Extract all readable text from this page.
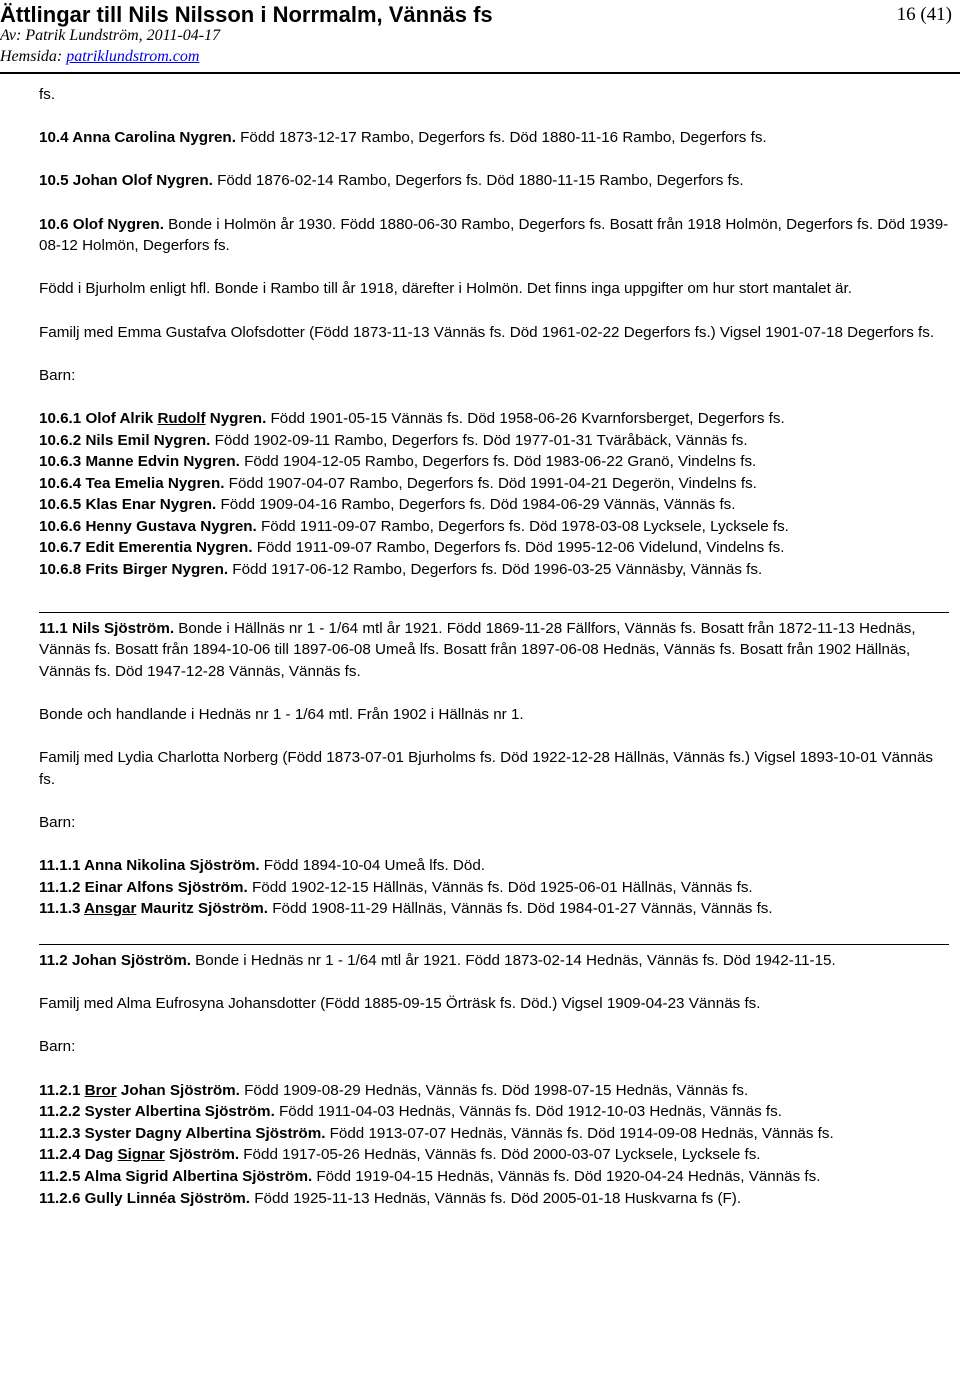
Ättlingar till Nils Nilsson i Norrmalm, Vännäs fs	16 (41)
Av: Patrik Lundström, 2011-04-17
Hemsida: patriklundstrom.com

fs.

10.4 Anna Carolina Nygren. Född 1873-12-17 Rambo, Degerfors fs. Död 1880-11-16 Rambo, Degerfors fs.

10.5 Johan Olof Nygren. Född 1876-02-14 Rambo, Degerfors fs. Död 1880-11-15 Rambo, Degerfors fs.

10.6 Olof Nygren. Bonde i Holmön år 1930. Född 1880-06-30 Rambo, Degerfors fs. Bosatt från 1918 Holmön, Degerfors fs. Död 1939-08-12 Holmön, Degerfors fs.

Född i Bjurholm enligt hfl. Bonde i Rambo till år 1918, därefter i Holmön. Det finns inga uppgifter om hur stort mantalet är.

Familj med Emma Gustafva Olofsdotter (Född 1873-11-13 Vännäs fs. Död 1961-02-22 Degerfors fs.) Vigsel 1901-07-18 Degerfors fs.

Barn:

10.6.1 Olof Alrik Rudolf Nygren. Född 1901-05-15 Vännäs fs. Död 1958-06-26 Kvarnforsberget, Degerfors fs.

10.6.2 Nils Emil Nygren. Född 1902-09-11 Rambo, Degerfors fs. Död 1977-01-31 Tväråbäck, Vännäs fs.

10.6.3 Manne Edvin Nygren. Född 1904-12-05 Rambo, Degerfors fs. Död 1983-06-22 Granö, Vindelns fs.

10.6.4 Tea Emelia Nygren. Född 1907-04-07 Rambo, Degerfors fs. Död 1991-04-21 Degerön, Vindelns fs.

10.6.5 Klas Enar Nygren. Född 1909-04-16 Rambo, Degerfors fs. Död 1984-06-29 Vännäs, Vännäs fs.

10.6.6 Henny Gustava Nygren. Född 1911-09-07 Rambo, Degerfors fs. Död 1978-03-08 Lycksele, Lycksele fs.

10.6.7 Edit Emerentia Nygren. Född 1911-09-07 Rambo, Degerfors fs. Död 1995-12-06 Videlund, Vindelns fs.

10.6.8 Frits Birger Nygren. Född 1917-06-12 Rambo, Degerfors fs. Död 1996-03-25 Vännäsby, Vännäs fs.

11.1 Nils Sjöström. Bonde i Hällnäs nr 1 - 1/64 mtl år 1921. Född 1869-11-28 Fällfors, Vännäs fs. Bosatt från 1872-11-13 Hednäs, Vännäs fs. Bosatt från 1894-10-06 till 1897-06-08 Umeå lfs. Bosatt från 1897-06-08 Hednäs, Vännäs fs. Bosatt från 1902 Hällnäs, Vännäs fs. Död 1947-12-28 Vännäs, Vännäs fs.

Bonde och handlande i Hednäs nr 1 - 1/64 mtl. Från 1902 i Hällnäs nr 1.

Familj med Lydia Charlotta Norberg (Född 1873-07-01 Bjurholms fs. Död 1922-12-28 Hällnäs, Vännäs fs.) Vigsel 1893-10-01 Vännäs fs.

Barn:

11.1.1 Anna Nikolina Sjöström. Född 1894-10-04 Umeå lfs. Död.

11.1.2 Einar Alfons Sjöström. Född 1902-12-15 Hällnäs, Vännäs fs. Död 1925-06-01 Hällnäs, Vännäs fs.

11.1.3 Ansgar Mauritz Sjöström. Född 1908-11-29 Hällnäs, Vännäs fs. Död 1984-01-27 Vännäs, Vännäs fs.

11.2 Johan Sjöström. Bonde i Hednäs nr 1 - 1/64 mtl år 1921. Född 1873-02-14 Hednäs, Vännäs fs. Död 1942-11-15.

Familj med Alma Eufrosyna Johansdotter (Född 1885-09-15 Örträsk fs. Död.) Vigsel 1909-04-23 Vännäs fs.

Barn:

11.2.1 Bror Johan Sjöström. Född 1909-08-29 Hednäs, Vännäs fs. Död 1998-07-15 Hednäs, Vännäs fs.

11.2.2 Syster Albertina Sjöström. Född 1911-04-03 Hednäs, Vännäs fs. Död 1912-10-03 Hednäs, Vännäs fs.

11.2.3 Syster Dagny Albertina Sjöström. Född 1913-07-07 Hednäs, Vännäs fs. Död 1914-09-08 Hednäs, Vännäs fs.

11.2.4 Dag Signar Sjöström. Född 1917-05-26 Hednäs, Vännäs fs. Död 2000-03-07 Lycksele, Lycksele fs.

11.2.5 Alma Sigrid Albertina Sjöström. Född 1919-04-15 Hednäs, Vännäs fs. Död 1920-04-24 Hednäs, Vännäs fs.

11.2.6 Gully Linnéa Sjöström. Född 1925-11-13 Hednäs, Vännäs fs. Död 2005-01-18 Huskvarna fs (F).
